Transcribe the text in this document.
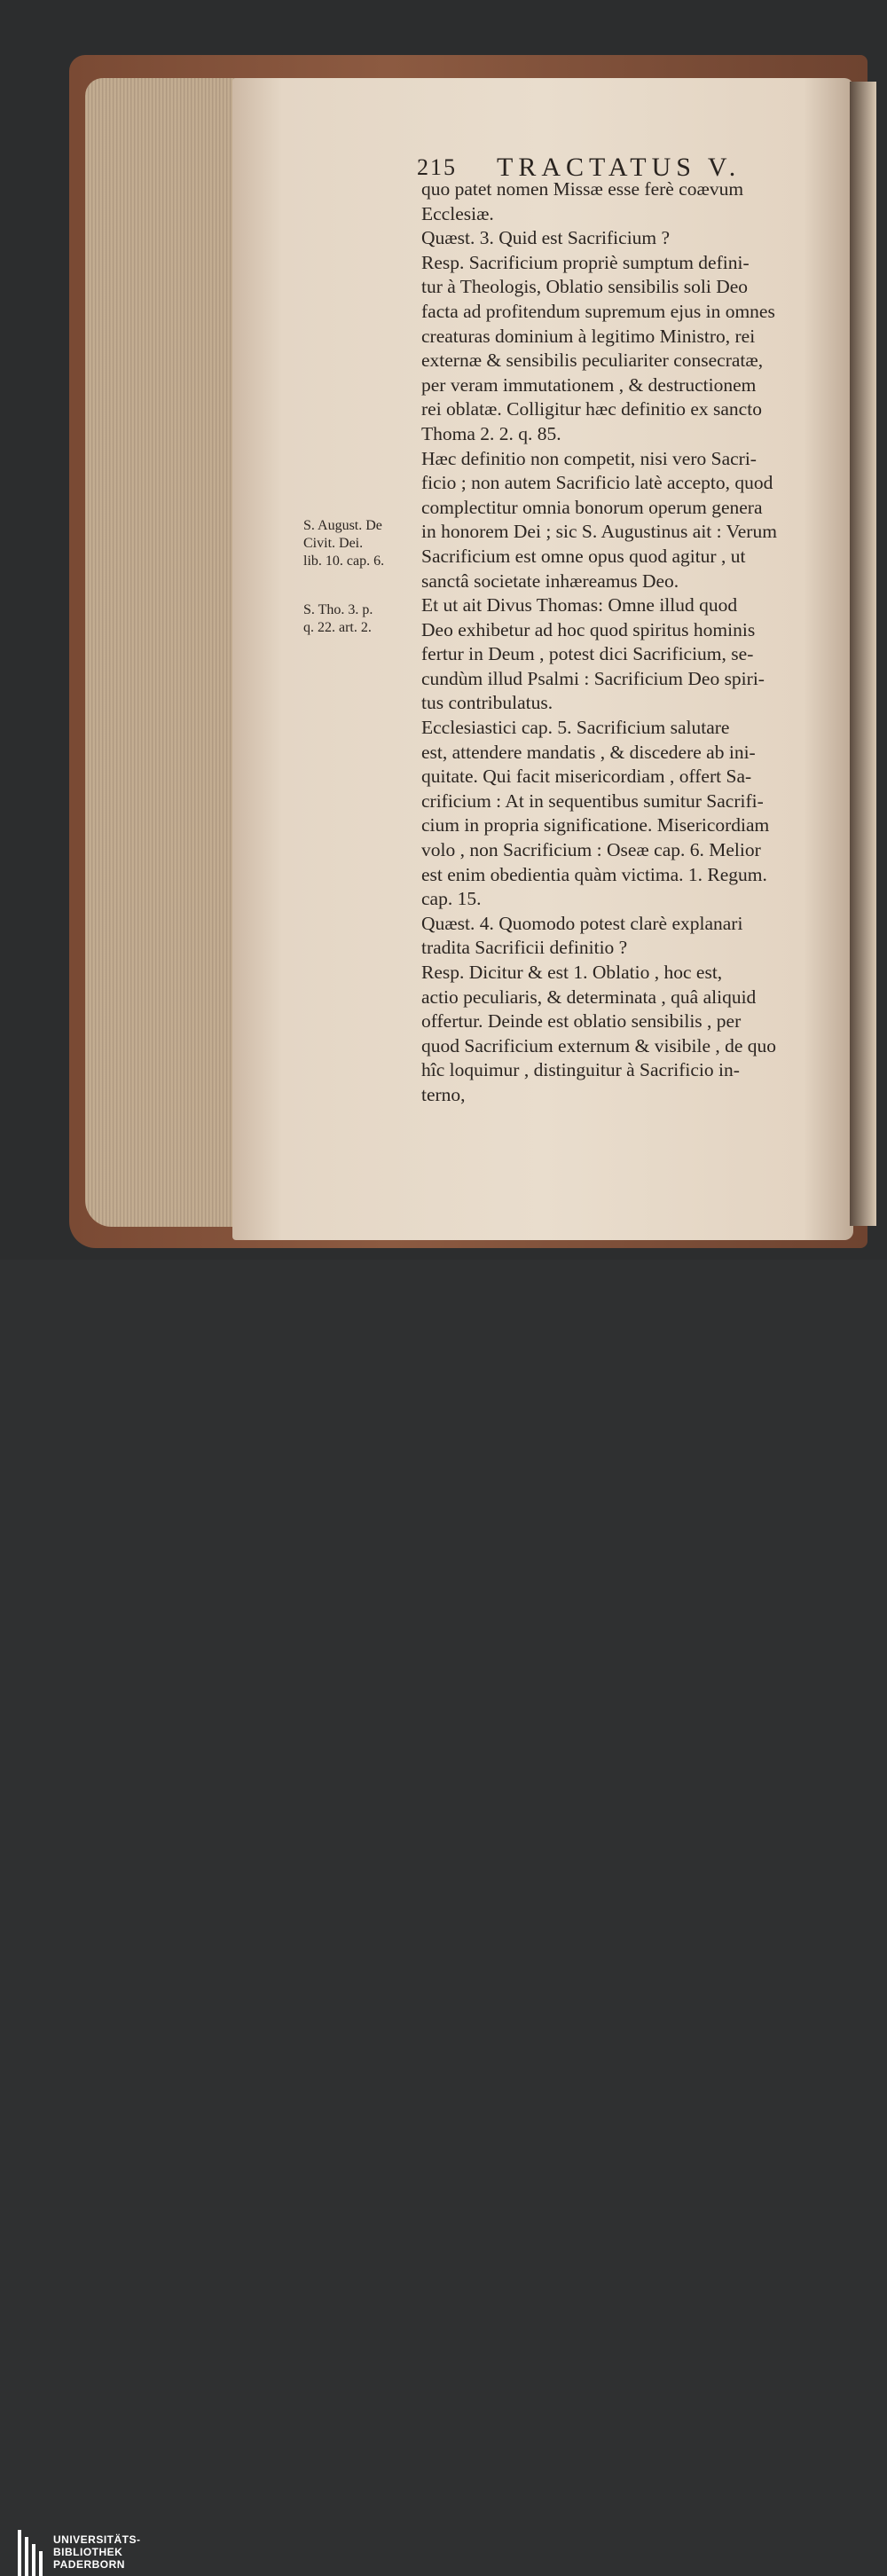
215 TRACTATUS V.
quo patet nomen Missæ esse ferè coævum
Ecclesiæ.
Quæst. 3. Quid est Sacrificium ?
Resp. Sacrificium propriè sumptum defini-
tur à Theologis, Oblatio sensibilis soli Deo
facta ad profitendum supremum ejus in omnes
creaturas dominium à legitimo Ministro, rei
externæ & sensibilis peculiariter consecratæ,
per veram immutationem , & destructionem
rei oblatæ. Colligitur hæc definitio ex sancto
Thoma 2. 2. q. 85.
Hæc definitio non competit, nisi vero Sacri-
ficio ; non autem Sacrificio latè accepto, quod
complectitur omnia bonorum operum genera
in honorem Dei ; sic S. Augustinus ait : Verum
Sacrificium est omne opus quod agitur , ut
sanctâ societate inhæreamus Deo.
Et ut ait Divus Thomas: Omne illud quod
Deo exhibetur ad hoc quod spiritus hominis
fertur in Deum , potest dici Sacrificium, se-
cundùm illud Psalmi : Sacrificium Deo spiri-
tus contribulatus.
Ecclesiastici cap. 5. Sacrificium salutare
est, attendere mandatis , & discedere ab ini-
quitate. Qui facit misericordiam , offert Sa-
crificium : At in sequentibus sumitur Sacrifi-
cium in propria significatione. Misericordiam
volo , non Sacrificium : Oseæ cap. 6. Melior
est enim obedientia quàm victima. 1. Regum.
cap. 15.
Quæst. 4. Quomodo potest clarè explanari
tradita Sacrificii definitio ?
Resp. Dicitur & est 1. Oblatio , hoc est,
actio peculiaris, & determinata , quâ aliquid
offertur. Deinde est oblatio sensibilis , per
quod Sacrificium externum & visibile , de quo
hîc loquimur , distinguitur à Sacrificio in-
terno,
S. August. De
Civit. Dei.
lib. 10. cap. 6.
S. Tho. 3. p.
q. 22. art. 2.
UNIVERSITÄTS-
BIBLIOTHEK
PADERBORN
